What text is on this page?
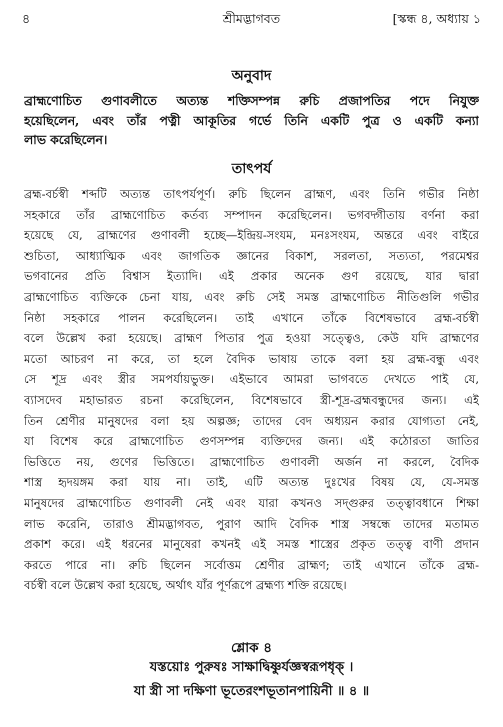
৪	শ্রীমদ্ভাগবত	[স্কন্ধ ৪, অধ্যায় ১
অনুবাদ
ব্রাহ্মণোচিত গুণাবলীতে অত্যন্ত শক্তিসম্পন্ন রুচি প্রজাপতির পদে নিযুক্ত
হয়েছিলেন, এবং তাঁর পত্নী আকূতির গর্ভে তিনি একটি পুত্র ও একটি কন্যা
লাভ করেছিলেন।
তাৎপর্য
ব্রহ্ম-বর্চস্বী শব্দটি অত্যন্ত তাৎপর্যপূর্ণ। রুচি ছিলেন ব্রাহ্মণ, এবং তিনি গভীর নিষ্ঠা
সহকারে তাঁর ব্রাহ্মণোচিত কর্তব্য সম্পাদন করেছিলেন। ভগবদ্গীতায় বর্ণনা করা
হয়েছে যে, ব্রাহ্মণের গুণাবলী হচ্ছে—ইন্দ্রিয়-সংযম, মনঃসংযম, অন্তরে এবং বাইরে
শুচিতা, আধ্যাত্মিক এবং জাগতিক জ্ঞানের বিকাশ, সরলতা, সত্যতা, পরমেশ্বর
ভগবানের প্রতি বিশ্বাস ইত্যাদি। এই প্রকার অনেক গুণ রয়েছে, যার দ্বারা
ব্রাহ্মণোচিত ব্যক্তিকে চেনা যায়, এবং রুচি সেই সমস্ত ব্রাহ্মণোচিত নীতিগুলি গভীর
নিষ্ঠা সহকারে পালন করেছিলেন। তাই এখানে তাঁকে বিশেষভাবে ব্রহ্ম-বর্চস্বী
বলে উল্লেখ করা হয়েছে। ব্রাহ্মণ পিতার পুত্র হওয়া সত্ত্বেও, কেউ যদি ব্রাহ্মণের
মতো আচরণ না করে, তা হলে বৈদিক ভাষায় তাকে বলা হয় ব্রহ্ম-বন্ধু এবং
সে শূদ্র এবং স্ত্রীর সমপর্যায়ভুক্ত। এইভাবে আমরা ভাগবতে দেখতে পাই যে,
ব্যাসদেব মহাভারত রচনা করেছিলেন, বিশেষভাবে স্ত্রী-শূদ্র-ব্রহ্মবন্ধুদের জন্য। এই
তিন শ্রেণীর মানুষদের বলা হয় অল্পজ্ঞ; তাদের বেদ অধ্যয়ন করার যোগ্যতা নেই,
যা বিশেষ করে ব্রাহ্মণোচিত গুণসম্পন্ন ব্যক্তিদের জন্য। এই কঠোরতা জাতির
ভিত্তিতে নয়, গুণের ভিত্তিতে। ব্রাহ্মণোচিত গুণাবলী অর্জন না করলে, বৈদিক
শাস্ত্র হৃদয়ঙ্গম করা যায় না। তাই, এটি অত্যন্ত দুঃখের বিষয় যে, যে-সমস্ত
মানুষদের ব্রাহ্মণোচিত গুণাবলী নেই এবং যারা কখনও সদ্গুরুর তত্ত্বাবধানে শিক্ষা
লাভ করেনি, তারাও শ্রীমদ্ভাগবত, পুরাণ আদি বৈদিক শাস্ত্র সম্বন্ধে তাদের মতামত
প্রকাশ করে। এই ধরনের মানুষেরা কখনই এই সমস্ত শাস্ত্রের প্রকৃত তত্ত্ব বাণী প্রদান
করতে পারে না। রুচি ছিলেন সর্বোত্তম শ্রেণীর ব্রাহ্মণ; তাই এখানে তাঁকে ব্রহ্ম-
বর্চস্বী বলে উল্লেখ করা হয়েছে, অর্থাৎ যাঁর পূর্ণরূপে ব্রহ্মণ্য শক্তি রয়েছে।
শ্লোক ৪
যস্তয়োঃ পুরুষঃ সাক্ষাদ্বিষ্ণুর্যজ্ঞস্বরূপধৃক্ ।
যা স্ত্রী সা দক্ষিণা ভূতেরংশভূতানপায়িনী ॥ ৪ ॥
